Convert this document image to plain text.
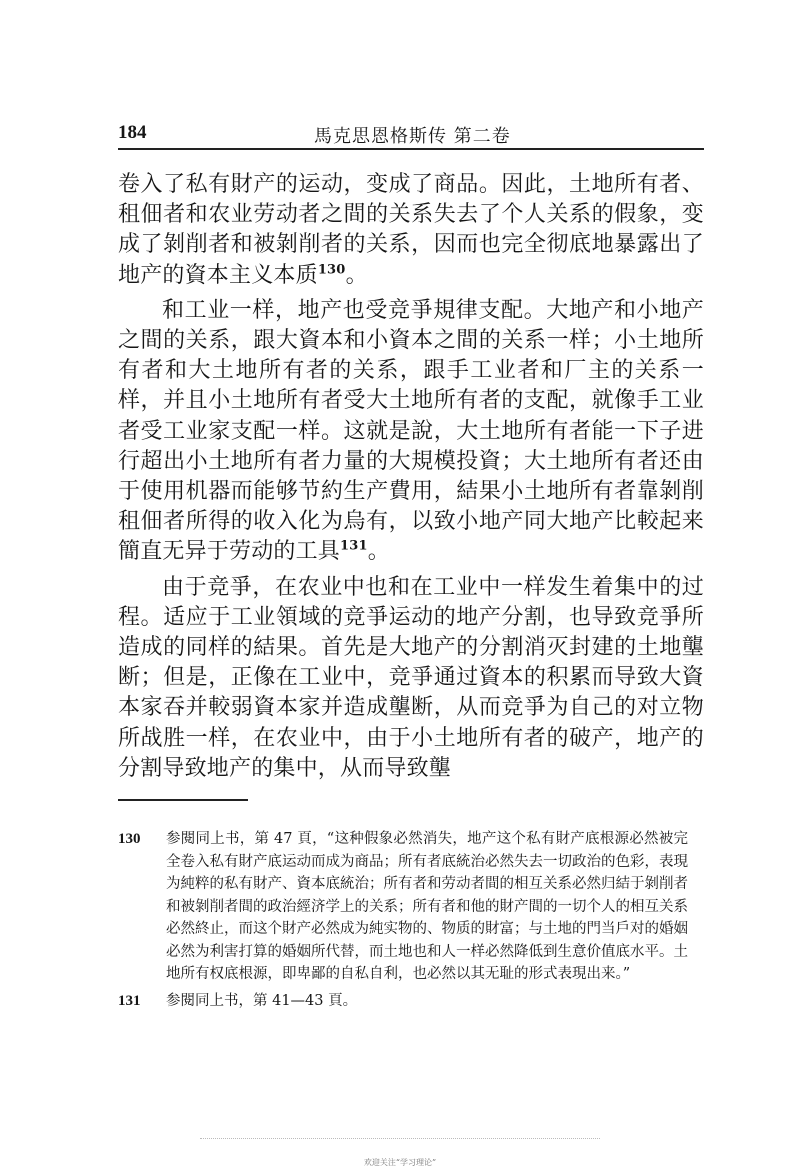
184	馬克思恩格斯传 第二卷

卷入了私有財产的运动，变成了商品。因此，土地所有者、租佃者和农业劳动者之間的关系失去了个人关系的假象，变成了剝削者和被剝削者的关系，因而也完全彻底地暴露出了地产的資本主义本质$^{130}$。

和工业一样，地产也受竞爭規律支配。大地产和小地产之間的关系，跟大資本和小資本之間的关系一样；小土地所有者和大土地所有者的关系，跟手工业者和厂主的关系一样，并且小土地所有者受大土地所有者的支配，就像手工业者受工业家支配一样。这就是說，大土地所有者能一下子进行超出小土地所有者力量的大規模投資；大土地所有者还由于使用机器而能够节約生产費用，結果小土地所有者靠剝削租佃者所得的收入化为烏有，以致小地产同大地产比較起来簡直无异于劳动的工具$^{131}$。

由于竞爭，在农业中也和在工业中一样发生着集中的过程。适应于工业領域的竞爭运动的地产分割，也导致竞爭所造成的同样的結果。首先是大地产的分割消灭封建的土地壟断；但是，正像在工业中，竞爭通过資本的积累而导致大資本家吞并較弱資本家并造成壟断，从而竞爭为自己的对立物所战胜一样，在农业中，由于小土地所有者的破产，地产的分割导致地产的集中，从而导致壟

130 参閱同上书，第 47 頁，“这种假象必然消失，地产这个私有財产底根源必然被完全卷入私有財产底运动而成为商品；所有者底統治必然失去一切政治的色彩，表現为純粹的私有財产、資本底統治；所有者和劳动者間的相互关系必然归結于剝削者和被剝削者間的政治經济学上的关系；所有者和他的財产間的一切个人的相互关系必然終止，而这个財产必然成为純实物的、物质的財富；与土地的門当戶对的婚姻必然为利害打算的婚姻所代替，而土地也和人一样必然降低到生意价值底水平。土地所有权底根源，即卑鄙的自私自利，也必然以其无耻的形式表現出来。”
131 参閱同上书，第 41—43 頁。
欢迎关注“学习理论”
